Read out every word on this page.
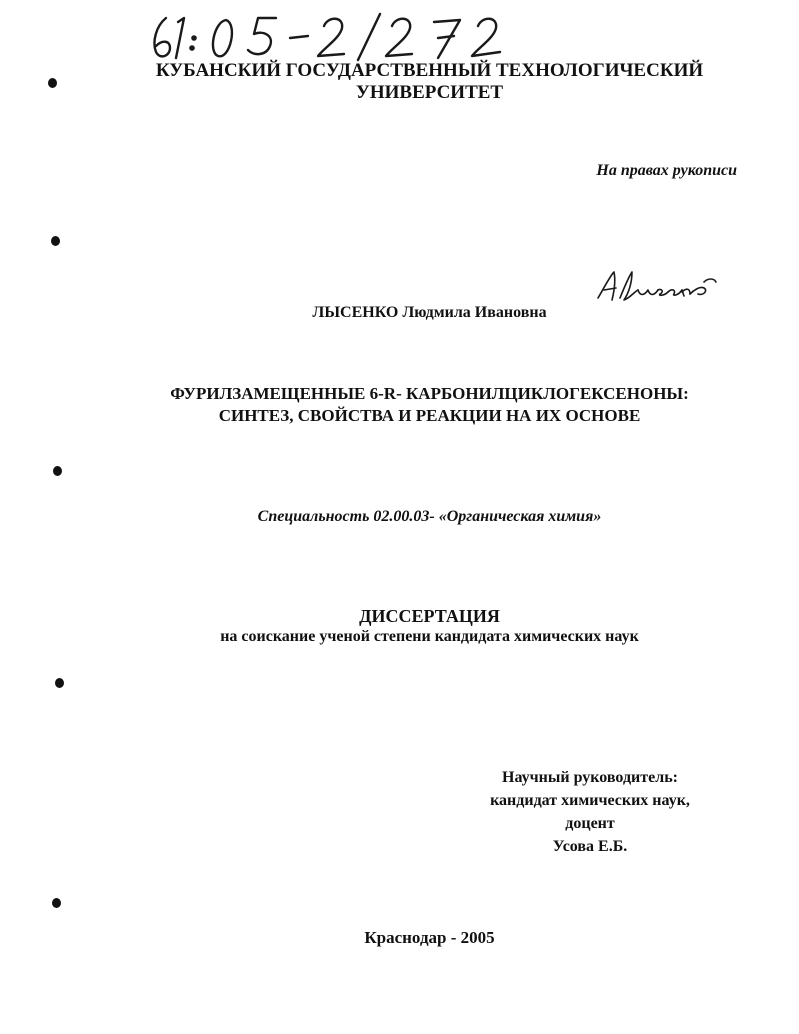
КУБАНСКИЙ ГОСУДАРСТВЕННЫЙ ТЕХНОЛОГИЧЕСКИЙ
УНИВЕРСИТЕТ
На правах рукописи
ЛЫСЕНКО Людмила Ивановна
ФУРИЛЗАМЕЩЕННЫЕ 6-R- КАРБОНИЛЦИКЛОГЕКСЕНОНЫ:
СИНТЕЗ, СВОЙСТВА И РЕАКЦИИ НА ИХ ОСНОВЕ
Специальность 02.00.03- «Органическая химия»
ДИССЕРТАЦИЯ
на соискание ученой степени кандидата химических наук
Научный руководитель:
кандидат химических наук,
доцент
Усова Е.Б.
Краснодар - 2005
